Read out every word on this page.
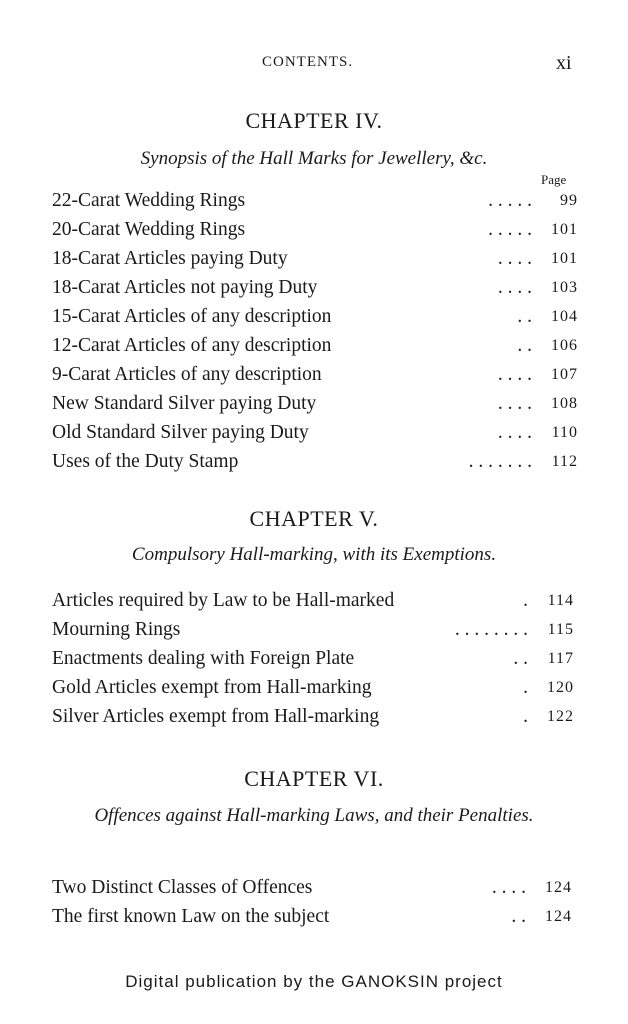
CONTENTS.	xi
CHAPTER IV.
Synopsis of the Hall Marks for Jewellery, &c.
Page
22-Carat Wedding Rings	. . . . .	99
20-Carat Wedding Rings	. . . . .	101
18-Carat Articles paying Duty	. . . .	101
18-Carat Articles not paying Duty	. . . .	103
15-Carat Articles of any description	. .	104
12-Carat Articles of any description	. .	106
9-Carat Articles of any description	. . . .	107
New Standard Silver paying Duty	. . . .	108
Old Standard Silver paying Duty	. . . .	110
Uses of the Duty Stamp	. . . . . . .	112
CHAPTER V.
Compulsory Hall-marking, with its Exemptions.
Articles required by Law to be Hall-marked	.	114
Mourning Rings	. . . . . . . .	115
Enactments dealing with Foreign Plate	. .	117
Gold Articles exempt from Hall-marking	.	120
Silver Articles exempt from Hall-marking	.	122
CHAPTER VI.
Offences against Hall-marking Laws, and their Penalties.
Two Distinct Classes of Offences	. . . .	124
The first known Law on the subject	. .	124
Digital publication by the GANOKSIN project
